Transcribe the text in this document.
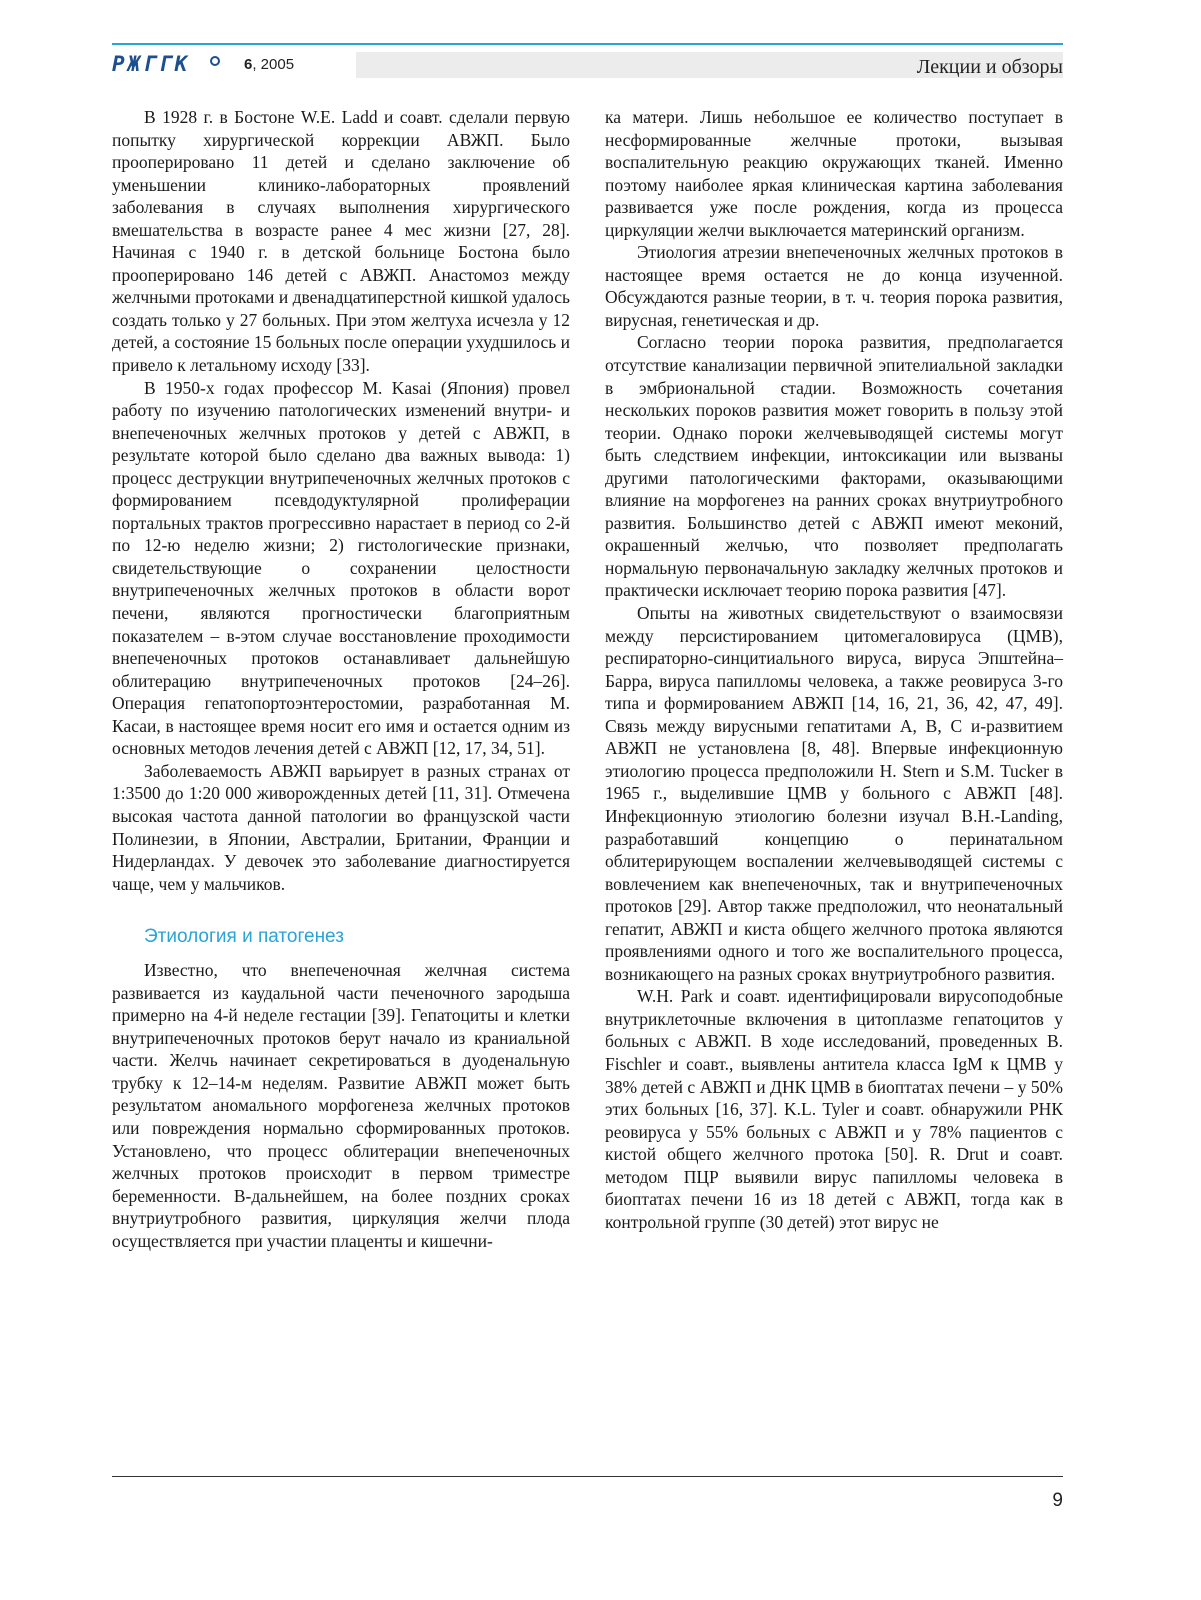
РЖГГК	6, 2005	Лекции и обзоры

В 1928 г. в Бостоне W.E. Ladd и соавт. сделали первую попытку хирургической коррекции АВЖП. Было прооперировано 11 детей и сделано заключение об уменьшении клинико-лабораторных проявлений заболевания в случаях выполнения хирургического вмешательства в возрасте ранее 4 мес жизни [27, 28]. Начиная с 1940 г. в детской больнице Бостона было прооперировано 146 детей с АВЖП. Анастомоз между желчными протоками и двенадцатиперстной кишкой удалось создать только у 27 больных. При этом желтуха исчезла у 12 детей, а состояние 15 больных после операции ухудшилось и привело к летальному исходу [33].

В 1950-х годах профессор М. Kasai (Япония) провел работу по изучению патологических изменений внутри- и внепеченочных желчных протоков у детей с АВЖП, в результате которой было сделано два важных вывода: 1) процесс деструкции внутрипеченочных желчных протоков с формированием псевдодуктулярной пролиферации портальных трактов прогрессивно нарастает в период со 2-й по 12-ю неделю жизни; 2) гистологические признаки, свидетельствующие о сохранении целостности внутрипеченочных желчных протоков в области ворот печени, являются прогностически благоприятным показателем – в-этом случае восстановление проходимости внепеченочных протоков останавливает дальнейшую облитерацию внутрипеченочных протоков [24–26]. Операция гепатопортоэнтеростомии, разработанная М. Касаи, в настоящее время носит его имя и остается одним из основных методов лечения детей с АВЖП [12, 17, 34, 51].

Заболеваемость АВЖП варьирует в разных странах от 1:3500 до 1:20 000 живорожденных детей [11, 31]. Отмечена высокая частота данной патологии во французской части Полинезии, в Японии, Австралии, Британии, Франции и Нидерландах. У девочек это заболевание диагностируется чаще, чем у мальчиков.

Этиология и патогенез

Известно, что внепеченочная желчная система развивается из каудальной части печеночного зародыша примерно на 4-й неделе гестации [39]. Гепатоциты и клетки внутрипеченочных протоков берут начало из краниальной части. Желчь начинает секретироваться в дуоденальную трубку к 12–14-м неделям. Развитие АВЖП может быть результатом аномального морфогенеза желчных протоков или повреждения нормально сформированных протоков. Установлено, что процесс облитерации внепеченочных желчных протоков происходит в первом триместре беременности. В-дальнейшем, на более поздних сроках внутриутробного развития, циркуляция желчи плода осуществляется при участии плаценты и кишечни-

ка матери. Лишь небольшое ее количество поступает в несформированные желчные протоки, вызывая воспалительную реакцию окружающих тканей. Именно поэтому наиболее яркая клиническая картина заболевания развивается уже после рождения, когда из процесса циркуляции желчи выключается материнский организм.

Этиология атрезии внепеченочных желчных протоков в настоящее время остается не до конца изученной. Обсуждаются разные теории, в т. ч. теория порока развития, вирусная, генетическая и др.

Согласно теории порока развития, предполагается отсутствие канализации первичной эпителиальной закладки в эмбриональной стадии. Возможность сочетания нескольких пороков развития может говорить в пользу этой теории. Однако пороки желчевыводящей системы могут быть следствием инфекции, интоксикации или вызваны другими патологическими факторами, оказывающими влияние на морфогенез на ранних сроках внутриутробного развития. Большинство детей с АВЖП имеют меконий, окрашенный желчью, что позволяет предполагать нормальную первоначальную закладку желчных протоков и практически исключает теорию порока развития [47].

Опыты на животных свидетельствуют о взаимосвязи между персистированием цитомегаловируса (ЦМВ), респираторно-синцитиального вируса, вируса Эпштейна–Барра, вируса папилломы человека, а также реовируса 3-го типа и формированием АВЖП [14, 16, 21, 36, 42, 47, 49]. Связь между вирусными гепатитами А, В, С и-развитием АВЖП не установлена [8, 48]. Впервые инфекционную этиологию процесса предположили Н. Stern и S.M. Tucker в 1965 г., выделившие ЦМВ у больного с АВЖП [48]. Инфекционную этиологию болезни изучал В.Н.-Landing, разработавший концепцию о перинатальном облитерирующем воспалении желчевыводящей системы с вовлечением как внепеченочных, так и внутрипеченочных протоков [29]. Автор также предположил, что неонатальный гепатит, АВЖП и киста общего желчного протока являются проявлениями одного и того же воспалительного процесса, возникающего на разных сроках внутриутробного развития.

W.H. Park и соавт. идентифицировали вирусоподобные внутриклеточные включения в цитоплазме гепатоцитов у больных с АВЖП. В ходе исследований, проведенных В. Fischler и соавт., выявлены антитела класса IgM к ЦМВ у 38% детей с АВЖП и ДНК ЦМВ в биоптатах печени – у 50% этих больных [16, 37]. K.L. Tyler и соавт. обнаружили РНК реовируса у 55% больных с АВЖП и у 78% пациентов с кистой общего желчного протока [50]. R. Drut и соавт. методом ПЦР выявили вирус папилломы человека в биоптатах печени 16 из 18 детей с АВЖП, тогда как в контрольной группе (30 детей) этот вирус не

9
